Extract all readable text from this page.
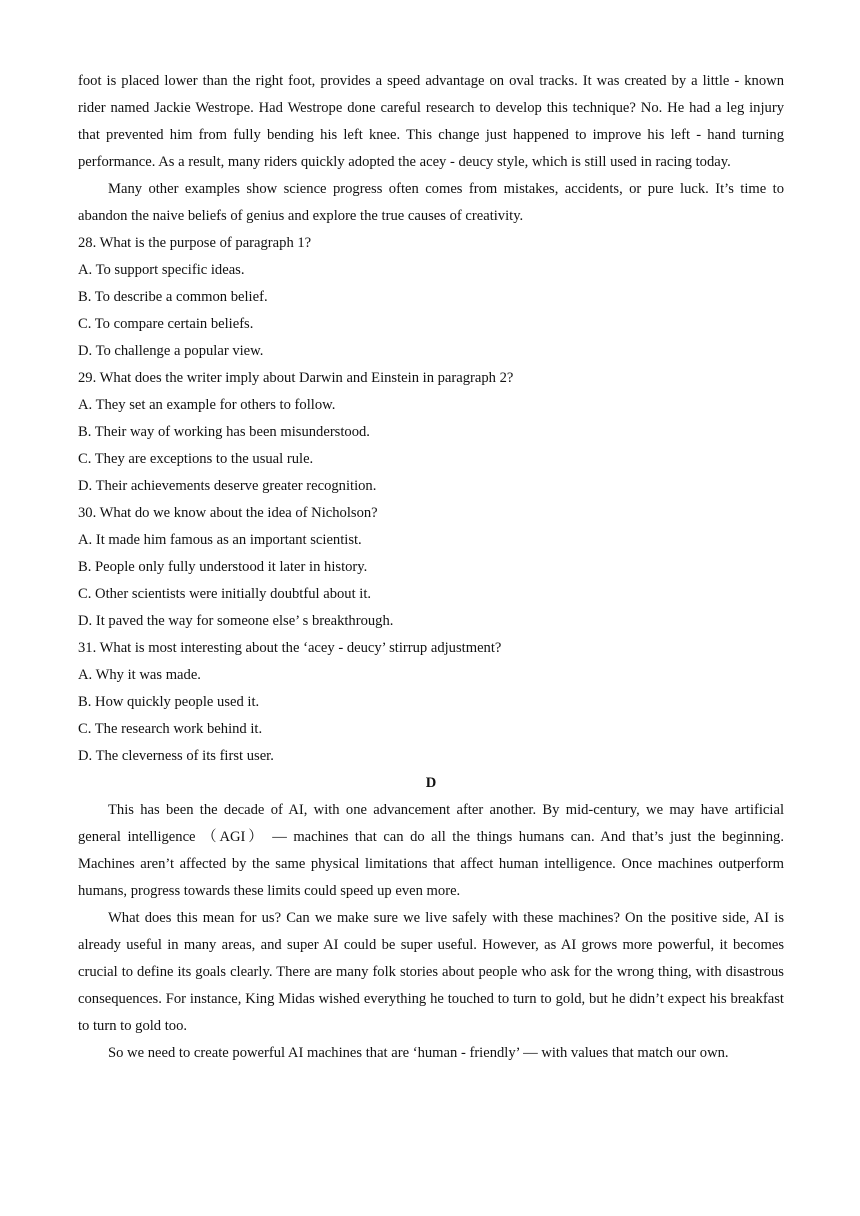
foot is placed lower than the right foot, provides a speed advantage on oval tracks. It was created by a little - known rider named Jackie Westrope. Had Westrope done careful research to develop this technique? No. He had a leg injury that prevented him from fully bending his left knee. This change just happened to improve his left - hand turning performance. As a result, many riders quickly adopted the acey - deucy style, which is still used in racing today.

Many other examples show science progress often comes from mistakes, accidents, or pure luck. It’s time to abandon the naive beliefs of genius and explore the true causes of creativity.

28. What is the purpose of paragraph 1?

A. To support specific ideas.

B. To describe a common belief.

C. To compare certain beliefs.

D. To challenge a popular view.

29. What does the writer imply about Darwin and Einstein in paragraph 2?

A. They set an example for others to follow.

B. Their way of working has been misunderstood.

C. They are exceptions to the usual rule.

D. Their achievements deserve greater recognition.

30. What do we know about the idea of Nicholson?

A. It made him famous as an important scientist.

B. People only fully understood it later in history.

C. Other scientists were initially doubtful about it.

D. It paved the way for someone else’ s breakthrough.

31. What is most interesting about the ‘acey - deucy’ stirrup adjustment?

A. Why it was made.

B. How quickly people used it.

C. The research work behind it.

D. The cleverness of its first user.

D

This has been the decade of AI, with one advancement after another. By mid-century, we may have artificial general intelligence （AGI） — machines that can do all the things humans can. And that’s just the beginning. Machines aren’t affected by the same physical limitations that affect human intelligence. Once machines outperform humans, progress towards these limits could speed up even more.

What does this mean for us? Can we make sure we live safely with these machines? On the positive side, AI is already useful in many areas, and super AI could be super useful. However, as AI grows more powerful, it becomes crucial to define its goals clearly. There are many folk stories about people who ask for the wrong thing, with disastrous consequences. For instance, King Midas wished everything he touched to turn to gold, but he didn’t expect his breakfast to turn to gold too.

So we need to create powerful AI machines that are ‘human - friendly’ — with values that match our own.
